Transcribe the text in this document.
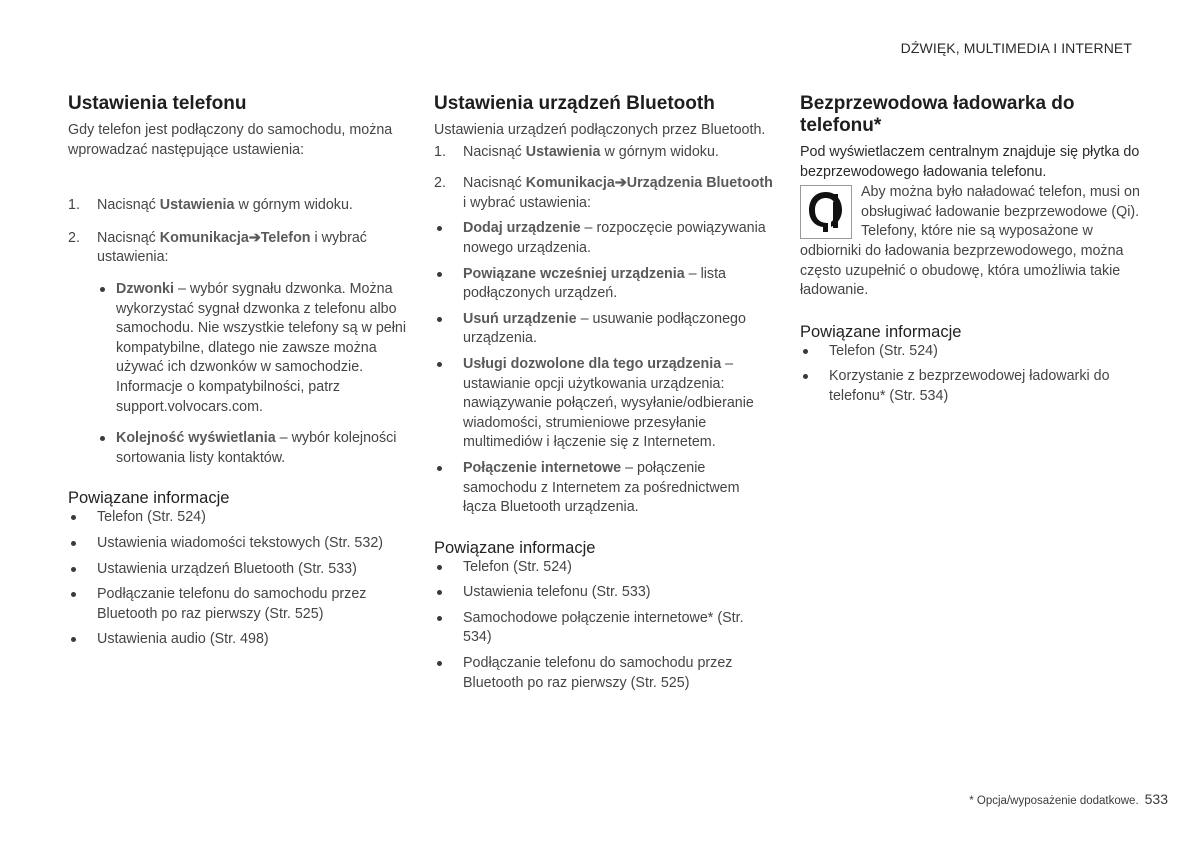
DŹWIĘK, MULTIMEDIA I INTERNET
Ustawienia telefonu

Gdy telefon jest podłączony do samochodu, można wprowadzać następujące ustawienia:

1. Nacisnąć Ustawienia w górnym widoku.
2. Nacisnąć Komunikacja➔Telefon i wybrać ustawienia:
Dzwonki – wybór sygnału dzwonka. Można wykorzystać sygnał dzwonka z telefonu albo samochodu. Nie wszystkie telefony są w pełni kompatybilne, dlatego nie zawsze można używać ich dzwonków w samochodzie. Informacje o kompatybilności, patrz support.volvocars.com.
Kolejność wyświetlania – wybór kolejności sortowania listy kontaktów.
Powiązane informacje
Telefon (Str. 524)
Ustawienia wiadomości tekstowych (Str. 532)
Ustawienia urządzeń Bluetooth (Str. 533)
Podłączanie telefonu do samochodu przez Bluetooth po raz pierwszy (Str. 525)
Ustawienia audio (Str. 498)
Ustawienia urządzeń Bluetooth

Ustawienia urządzeń podłączonych przez Bluetooth.

1. Nacisnąć Ustawienia w górnym widoku.
2. Nacisnąć Komunikacja➔Urządzenia Bluetooth i wybrać ustawienia:
Dodaj urządzenie – rozpoczęcie powiązywania nowego urządzenia.
Powiązane wcześniej urządzenia – lista podłączonych urządzeń.
Usuń urządzenie – usuwanie podłączonego urządzenia.
Usługi dozwolone dla tego urządzenia – ustawianie opcji użytkowania urządzenia: nawiązywanie połączeń, wysyłanie/odbieranie wiadomości, strumieniowe przesyłanie multimediów i łączenie się z Internetem.
Połączenie internetowe – połączenie samochodu z Internetem za pośrednictwem łącza Bluetooth urządzenia.
Powiązane informacje
Telefon (Str. 524)
Ustawienia telefonu (Str. 533)
Samochodowe połączenie internetowe* (Str. 534)
Podłączanie telefonu do samochodu przez Bluetooth po raz pierwszy (Str. 525)
Bezprzewodowa ładowarka do telefonu*

Pod wyświetlaczem centralnym znajduje się płytka do bezprzewodowego ładowania telefonu.

Aby można było naładować telefon, musi on obsługiwać ładowanie bezprzewodowe (Qi). Telefony, które nie są wyposażone w odbiorniki do ładowania bezprzewodowego, można często uzupełnić o obudowę, która umożliwia takie ładowanie.

Powiązane informacje
Telefon (Str. 524)
Korzystanie z bezprzewodowej ładowarki do telefonu* (Str. 534)
* Opcja/wyposażenie dodatkowe. 533
